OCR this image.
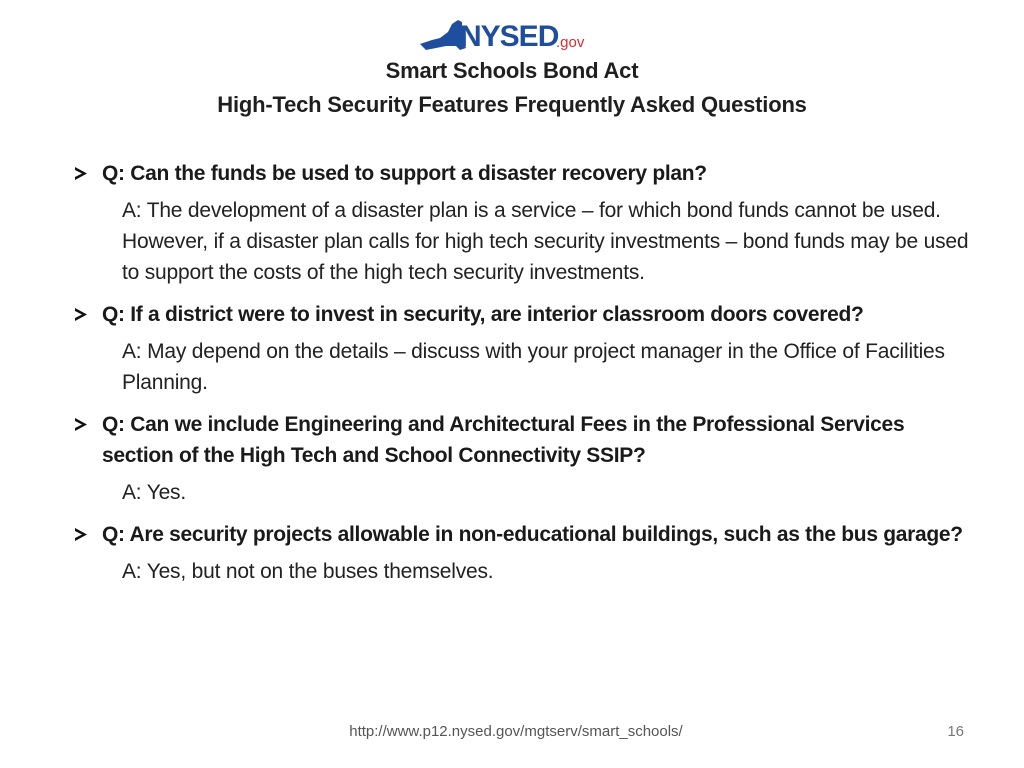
NYSED
.gov
Smart Schools Bond Act
High-Tech Security Features Frequently Asked Questions
Q: Can the funds be used to support a disaster recovery plan?
A: The development of a disaster plan is a service – for which bond funds cannot be used. However, if a disaster plan calls for high tech security investments – bond funds may be used to support the costs of the high tech security investments.
Q: If a district were to invest in security, are interior classroom doors covered?
A: May depend on the details – discuss with your project manager in the Office of Facilities Planning.
Q: Can we include Engineering and Architectural Fees in the Professional Services section of the High Tech and School Connectivity SSIP?
A: Yes.
Q: Are security projects allowable in non-educational buildings, such as the bus garage?
A: Yes, but not on the buses themselves.
http://www.p12.nysed.gov/mgtserv/smart_schools/	16
